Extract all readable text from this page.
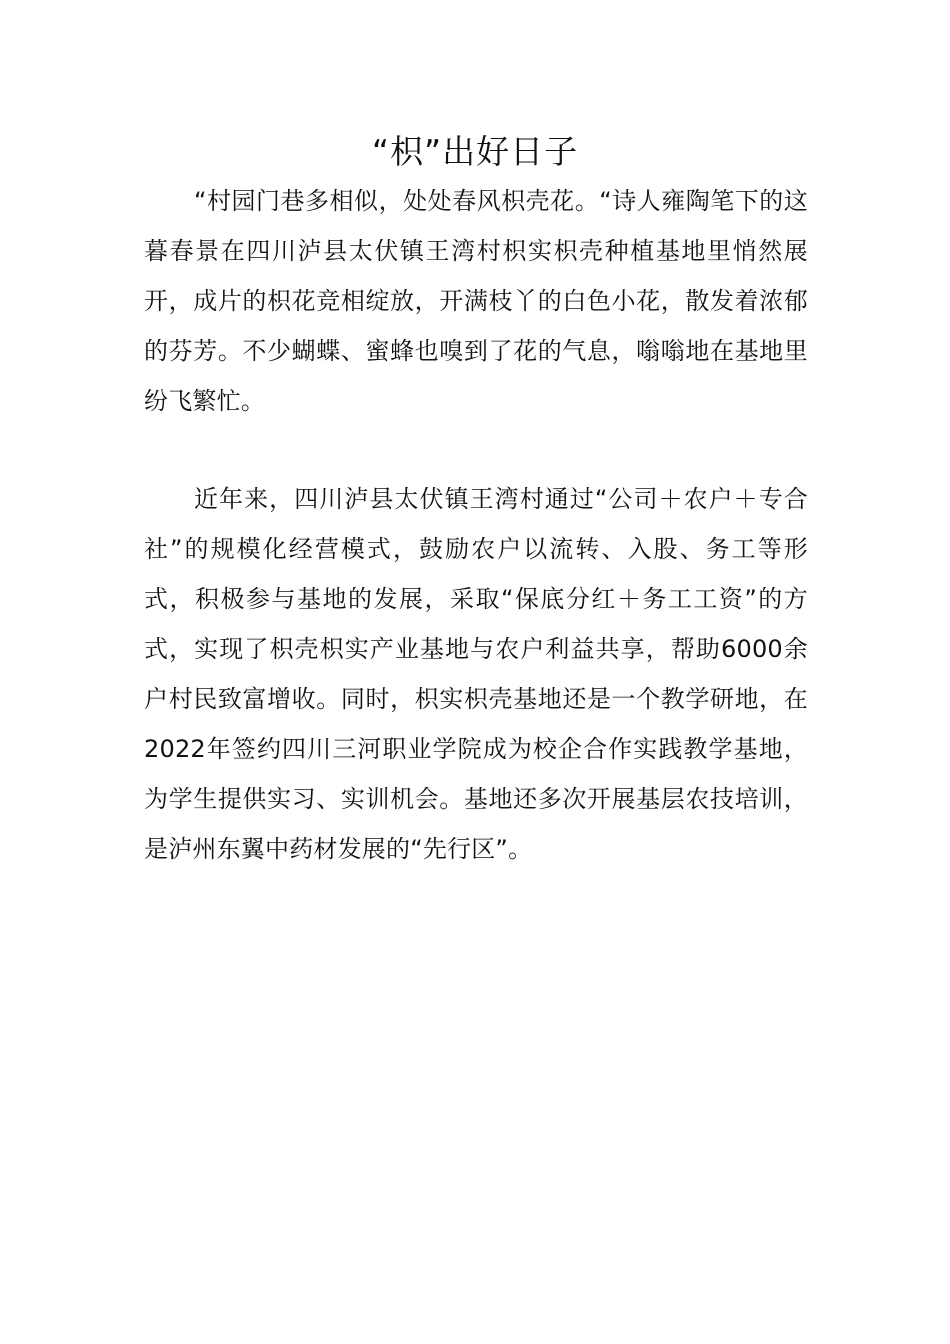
“枳”出好日子

“村园门巷多相似，处处春风枳壳花。“诗人雍陶笔下的这暮春景在四川泸县太伏镇王湾村枳实枳壳种植基地里悄然展开，成片的枳花竞相绽放，开满枝丫的白色小花，散发着浓郁的芬芳。不少蝴蝶、蜜蜂也嗅到了花的气息，嗡嗡地在基地里纷飞繁忙。

近年来，四川泸县太伏镇王湾村通过“公司＋农户＋专合社”的规模化经营模式，鼓励农户以流转、入股、务工等形式，积极参与基地的发展，采取“保底分红＋务工工资”的方式，实现了枳壳枳实产业基地与农户利益共享，帮助6000余户村民致富增收。同时，枳实枳壳基地还是一个教学研地，在2022年签约四川三河职业学院成为校企合作实践教学基地，为学生提供实习、实训机会。基地还多次开展基层农技培训，是泸州东翼中药材发展的“先行区”。
